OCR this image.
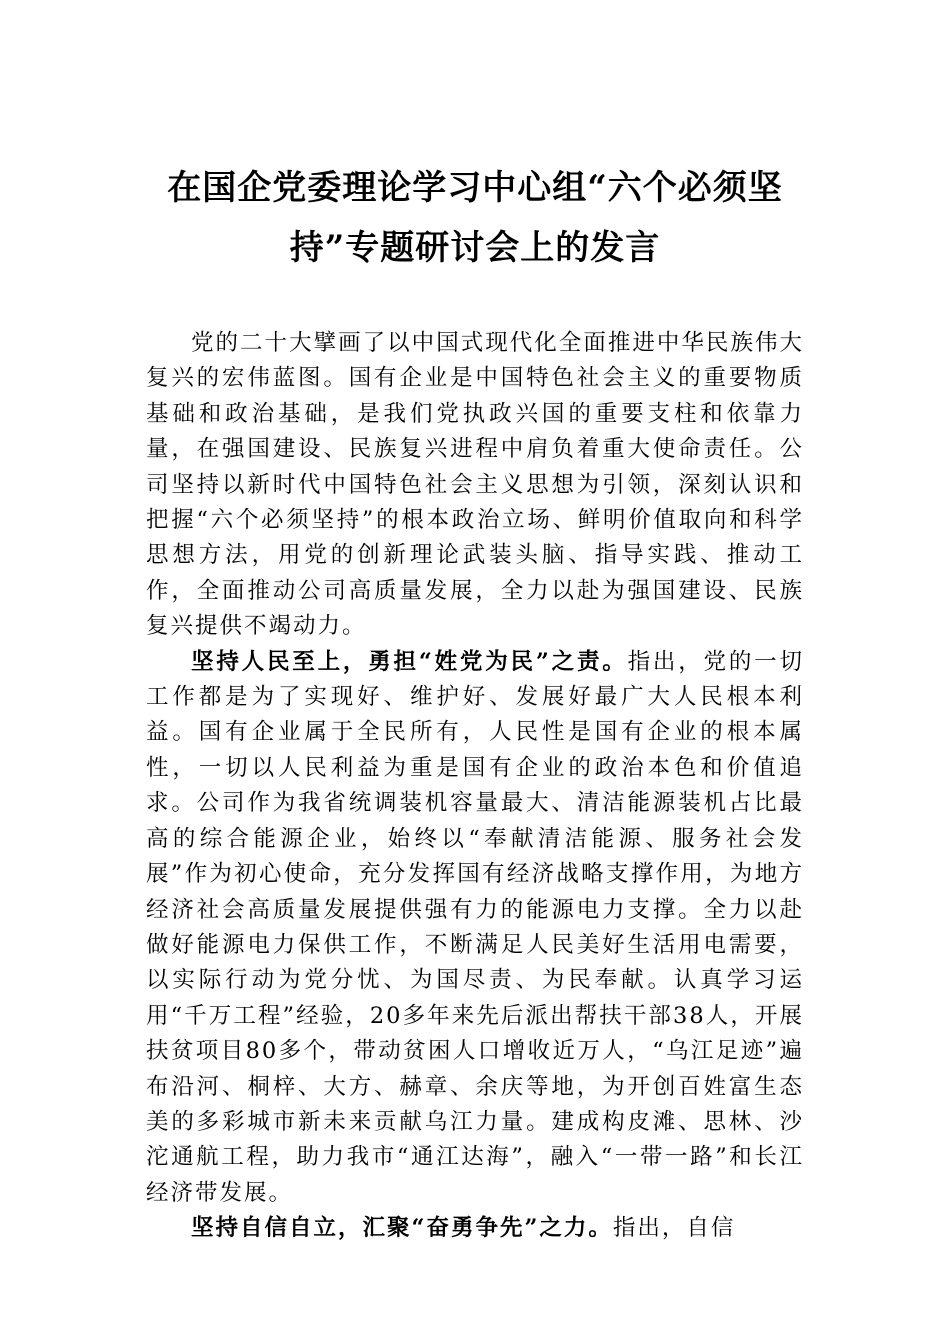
在国企党委理论学习中心组“六个必须坚
持”专题研讨会上的发言

党的二十大擘画了以中国式现代化全面推进中华民族伟大复兴的宏伟蓝图。国有企业是中国特色社会主义的重要物质基础和政治基础，是我们党执政兴国的重要支柱和依靠力量，在强国建设、民族复兴进程中肩负着重大使命责任。公司坚持以新时代中国特色社会主义思想为引领，深刻认识和把握“六个必须坚持”的根本政治立场、鲜明价值取向和科学思想方法，用党的创新理论武装头脑、指导实践、推动工作，全面推动公司高质量发展，全力以赴为强国建设、民族复兴提供不竭动力。

坚持人民至上，勇担“姓党为民”之责。指出，党的一切工作都是为了实现好、维护好、发展好最广大人民根本利益。国有企业属于全民所有，人民性是国有企业的根本属性，一切以人民利益为重是国有企业的政治本色和价值追求。公司作为我省统调装机容量最大、清洁能源装机占比最高的综合能源企业，始终以“奉献清洁能源、服务社会发展”作为初心使命，充分发挥国有经济战略支撑作用，为地方经济社会高质量发展提供强有力的能源电力支撑。全力以赴做好能源电力保供工作，不断满足人民美好生活用电需要，以实际行动为党分忧、为国尽责、为民奉献。认真学习运用“千万工程”经验，20多年来先后派出帮扶干部38人，开展扶贫项目80多个，带动贫困人口增收近万人，“乌江足迹”遍布沿河、桐梓、大方、赫章、余庆等地，为开创百姓富生态美的多彩城市新未来贡献乌江力量。建成构皮滩、思林、沙沱通航工程，助力我市“通江达海”，融入“一带一路”和长江经济带发展。

坚持自信自立，汇聚“奋勇争先”之力。指出，自信
